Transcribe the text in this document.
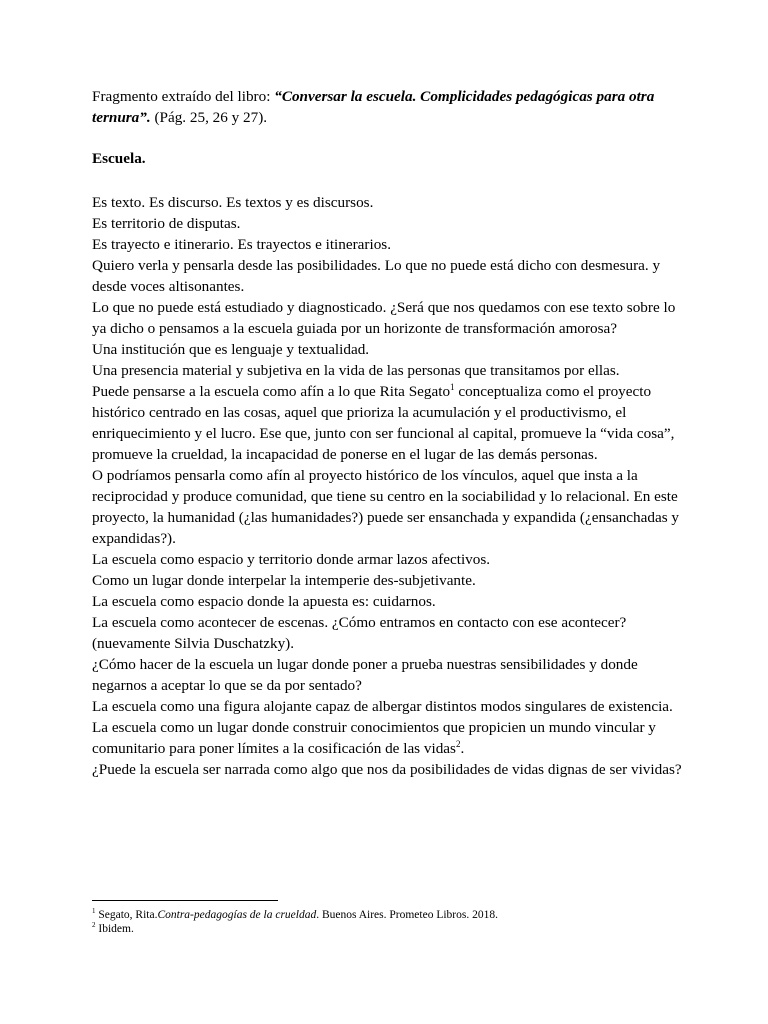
Fragmento extraído del libro: “Conversar la escuela. Complicidades pedagógicas para otra ternura”. (Pág. 25, 26 y 27).

Escuela.

Es texto. Es discurso. Es textos y es discursos.

Es territorio de disputas.

Es trayecto e itinerario. Es trayectos e itinerarios.

Quiero verla y pensarla desde las posibilidades. Lo que no puede está dicho con desmesura. y desde voces altisonantes.

Lo que no puede está estudiado y diagnosticado. ¿Será que nos quedamos con ese texto sobre lo ya dicho o pensamos a la escuela guiada por un horizonte de transformación amorosa?

Una institución que es lenguaje y textualidad.

Una presencia material y subjetiva en la vida de las personas que transitamos por ellas.

Puede pensarse a la escuela como afín a lo que Rita Segato$^1$ conceptualiza como el proyecto histórico centrado en las cosas, aquel que prioriza la acumulación y el productivismo, el enriquecimiento y el lucro. Ese que, junto con ser funcional al capital, promueve la “vida cosa”, promueve la crueldad, la incapacidad de ponerse en el lugar de las demás personas.

O podríamos pensarla como afín al proyecto histórico de los vínculos, aquel que insta a la reciprocidad y produce comunidad, que tiene su centro en la sociabilidad y lo relacional. En este proyecto, la humanidad (¿las humanidades?) puede ser ensanchada y expandida (¿ensanchadas y expandidas?).

La escuela como espacio y territorio donde armar lazos afectivos.

Como un lugar donde interpelar la intemperie des-subjetivante.

La escuela como espacio donde la apuesta es: cuidarnos.

La escuela como acontecer de escenas. ¿Cómo entramos en contacto con ese acontecer? (nuevamente Silvia Duschatzky).

¿Cómo hacer de la escuela un lugar donde poner a prueba nuestras sensibilidades y donde negarnos a aceptar lo que se da por sentado?

La escuela como una figura alojante capaz de albergar distintos modos singulares de existencia.

La escuela como un lugar donde construir conocimientos que propicien un mundo vincular y comunitario para poner límites a la cosificación de las vidas$^2$.

¿Puede la escuela ser narrada como algo que nos da posibilidades de vidas dignas de ser vividas?

$^1$ Segato, Rita.Contra-pedagogías de la crueldad. Buenos Aires. Prometeo Libros. 2018.

$^2$ Ibidem.
